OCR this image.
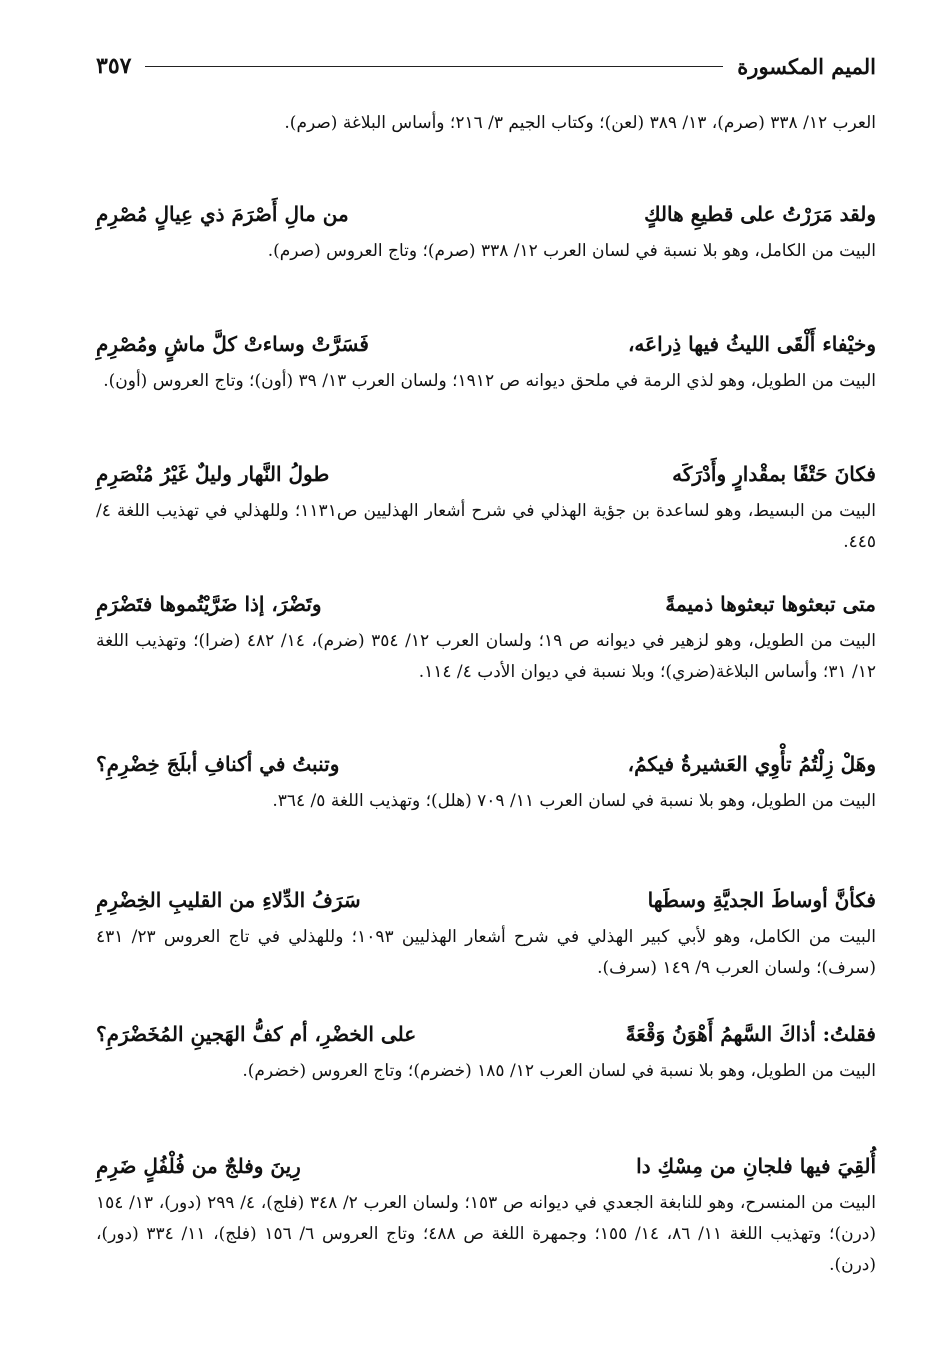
الميم المكسورة
٣٥٧

العرب ١٢/ ٣٣٨ (صرم)، ١٣/ ٣٨٩ (لعن)؛ وكتاب الجيم ٣/ ٢١٦؛ وأساس البلاغة (صرم).

ولقد مَرَرْتُ على قطيعِ هالكٍ
من مالِ أَصْرَمَ ذي عِيالٍ مُصْرِمِ

البيت من الكامل، وهو بلا نسبة في لسان العرب ١٢/ ٣٣٨ (صرم)؛ وتاج العروس (صرم).

وخيْفاء أَلْقَى الليثُ فيها ذِراعَه،
فَسَرَّتْ وساءتْ كلَّ ماشٍ ومُصْرِمِ

البيت من الطويل، وهو لذي الرمة في ملحق ديوانه ص ١٩١٢؛ ولسان العرب ١٣/ ٣٩ (أون)؛ وتاج العروس (أون).

فكانَ حَتْفًا بمقْدارٍ وأَدْرَكَه
طولُ النَّهار وليلٌ غَيْرُ مُنْصَرِمِ

البيت من البسيط، وهو لساعدة بن جؤية الهذلي في شرح أشعار الهذليين ص١١٣١؛ وللهذلي في تهذيب اللغة ٤/ ٤٤٥.

متى تبعثوها تبعثوها ذميمةً
وتَضْرَ، إذا ضَرَّيْتُموها فتَضْرَمِ

البيت من الطويل، وهو لزهير في ديوانه ص ١٩؛ ولسان العرب ١٢/ ٣٥٤ (ضرم)، ١٤/ ٤٨٢ (ضرا)؛ وتهذيب اللغة ١٢/ ٣١؛ وأساس البلاغة(ضري)؛ وبلا نسبة في ديوان الأدب ٤/ ١١٤.

وهَلْ زِلْتُمُ تأْوِي العَشيرةُ فيكمُ،
وتنبتُ في أكنافِ أبلَجَ خِضْرِمِ؟

البيت من الطويل، وهو بلا نسبة في لسان العرب ١١/ ٧٠٩ (هلل)؛ وتهذيب اللغة ٥/ ٣٦٤.

فكأنَّ أوساطَ الجديَّةِ وسطَها
سَرَفُ الدِّلاءِ من القليبِ الخِضْرِمِ

البيت من الكامل، وهو لأبي كبير الهذلي في شرح أشعار الهذليين ١٠٩٣؛ وللهذلي في تاج العروس ٢٣/ ٤٣١ (سرف)؛ ولسان العرب ٩/ ١٤٩ (سرف).

فقلتُ: أذاكَ السَّهمُ أَهْوَنُ وَقْعَةً
على الخضْرِ، أم كفُّ الهَجينِ المُخَضْرَمِ؟

البيت من الطويل، وهو بلا نسبة في لسان العرب ١٢/ ١٨٥ (خضرم)؛ وتاج العروس (خضرم).

أُلقِيَ فيها فلجانِ من مِسْكِ دا
رِينَ وفلجٌ من فُلْفُلٍ ضَرِمِ

البيت من المنسرح، وهو للنابغة الجعدي في ديوانه ص ١٥٣؛ ولسان العرب ٢/ ٣٤٨ (فلج)، ٤/ ٢٩٩ (دور)، ١٣/ ١٥٤ (درن)؛ وتهذيب اللغة ١١/ ٨٦، ١٤/ ١٥٥؛ وجمهرة اللغة ص ٤٨٨؛ وتاج العروس ٦/ ١٥٦ (فلج)، ١١/ ٣٣٤ (دور)، (درن).
